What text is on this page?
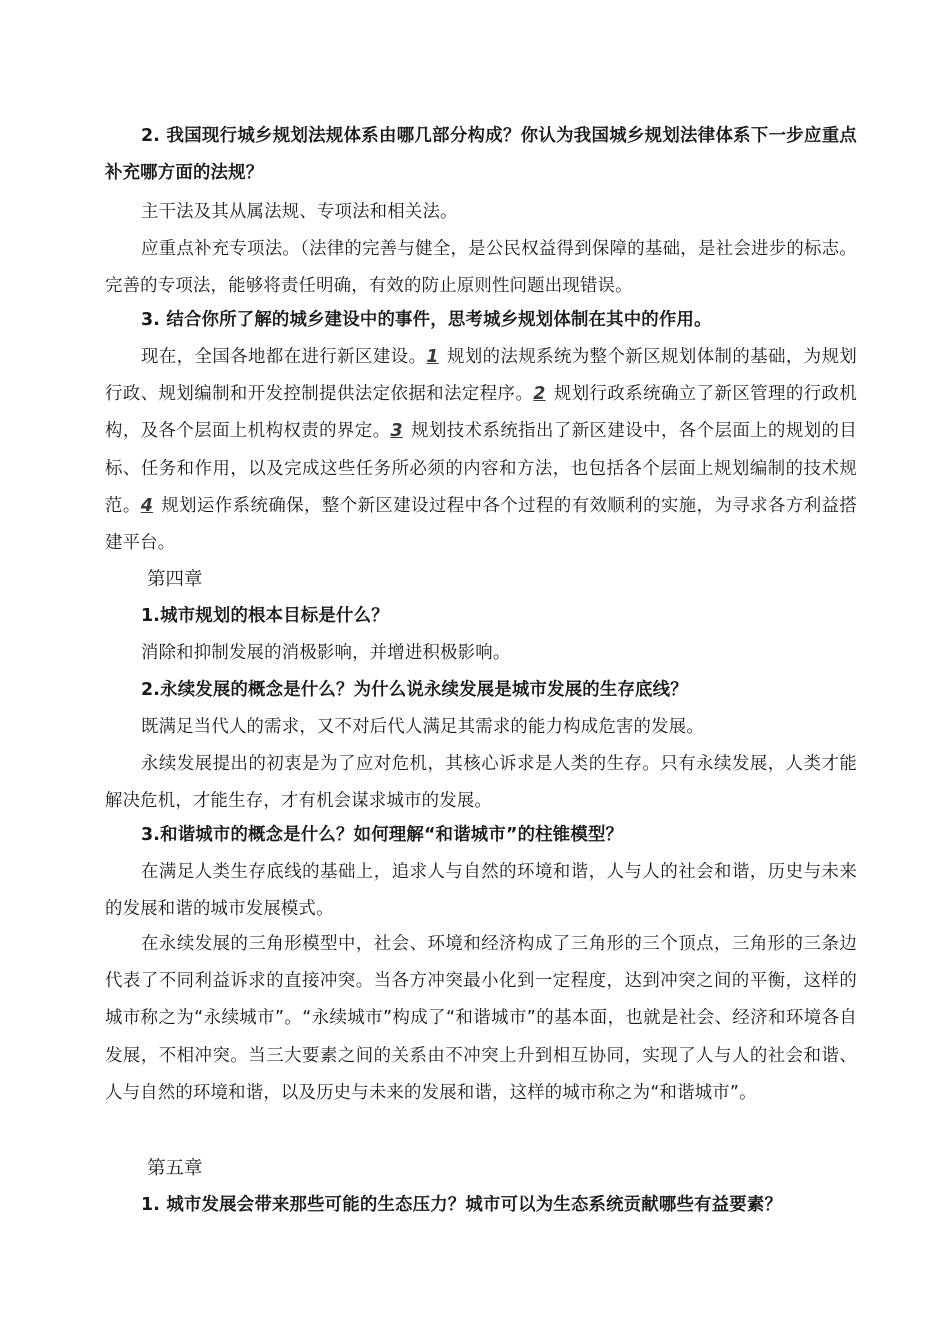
2. 我国现行城乡规划法规体系由哪几部分构成？你认为我国城乡规划法律体系下一步应重点补充哪方面的法规？

主干法及其从属法规、专项法和相关法。

应重点补充专项法。（法律的完善与健全，是公民权益得到保障的基础，是社会进步的标志。完善的专项法，能够将责任明确，有效的防止原则性问题出现错误。

3. 结合你所了解的城乡建设中的事件，思考城乡规划体制在其中的作用。

现在，全国各地都在进行新区建设。1 规划的法规系统为整个新区规划体制的基础，为规划行政、规划编制和开发控制提供法定依据和法定程序。2 规划行政系统确立了新区管理的行政机构，及各个层面上机构权责的界定。3 规划技术系统指出了新区建设中，各个层面上的规划的目标、任务和作用，以及完成这些任务所必须的内容和方法，也包括各个层面上规划编制的技术规范。4 规划运作系统确保，整个新区建设过程中各个过程的有效顺利的实施，为寻求各方利益搭建平台。

第四章

1.城市规划的根本目标是什么？

消除和抑制发展的消极影响，并增进积极影响。

2.永续发展的概念是什么？为什么说永续发展是城市发展的生存底线？

既满足当代人的需求，又不对后代人满足其需求的能力构成危害的发展。

永续发展提出的初衷是为了应对危机，其核心诉求是人类的生存。只有永续发展，人类才能解决危机，才能生存，才有机会谋求城市的发展。

3.和谐城市的概念是什么？如何理解“和谐城市”的柱锥模型？

在满足人类生存底线的基础上，追求人与自然的环境和谐，人与人的社会和谐，历史与未来的发展和谐的城市发展模式。

在永续发展的三角形模型中，社会、环境和经济构成了三角形的三个顶点，三角形的三条边代表了不同利益诉求的直接冲突。当各方冲突最小化到一定程度，达到冲突之间的平衡，这样的城市称之为“永续城市”。“永续城市”构成了“和谐城市”的基本面，也就是社会、经济和环境各自发展，不相冲突。当三大要素之间的关系由不冲突上升到相互协同，实现了人与人的社会和谐、人与自然的环境和谐，以及历史与未来的发展和谐，这样的城市称之为“和谐城市”。

第五章

1. 城市发展会带来那些可能的生态压力？城市可以为生态系统贡献哪些有益要素？
